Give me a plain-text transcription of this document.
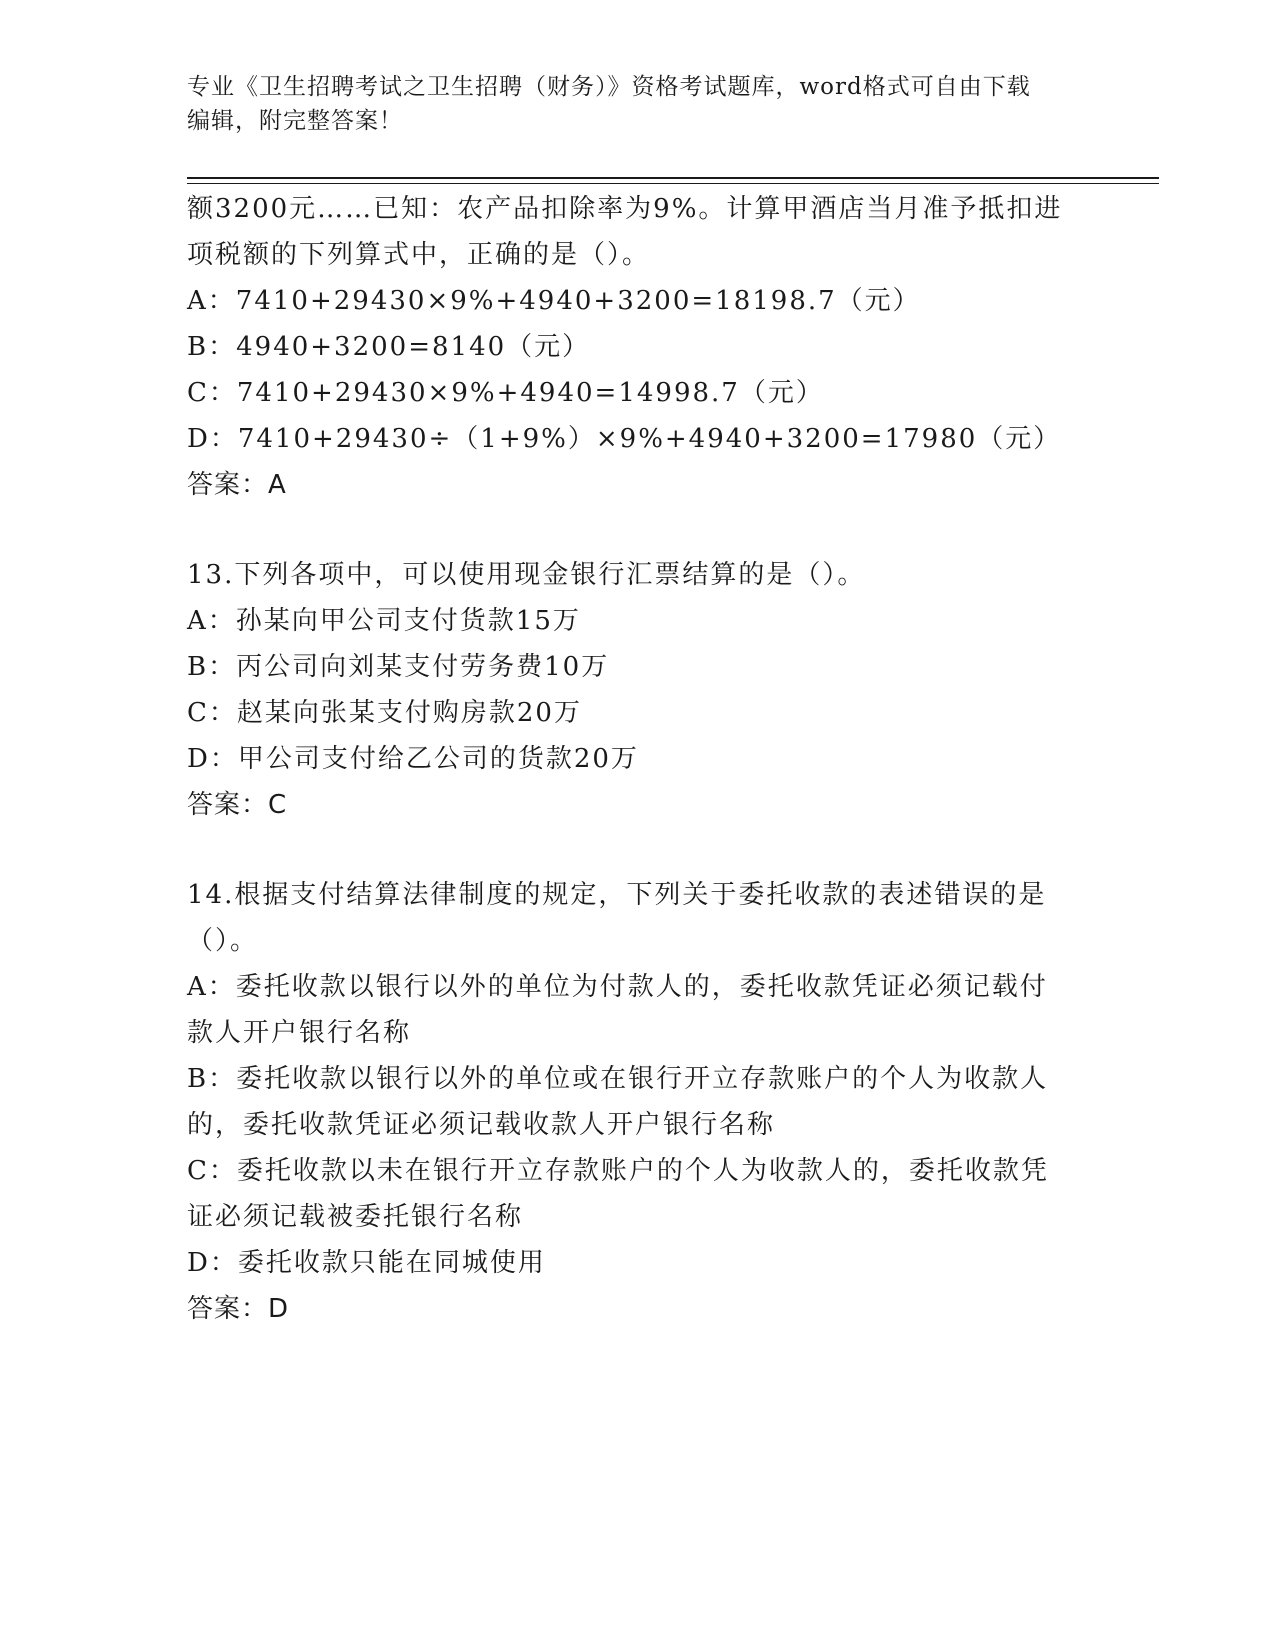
专业《卫生招聘考试之卫生招聘（财务）》资格考试题库，word格式可自由下载
编辑，附完整答案！
额3200元……已知：农产品扣除率为9%。计算甲酒店当月准予抵扣进
项税额的下列算式中，正确的是（）。
A：7410+29430×9%+4940+3200=18198.7（元）
B：4940+3200=8140（元）
C：7410+29430×9%+4940=14998.7（元）
D：7410+29430÷（1+9%）×9%+4940+3200=17980（元）
答案：A
13.下列各项中，可以使用现金银行汇票结算的是（）。
A：孙某向甲公司支付货款15万
B：丙公司向刘某支付劳务费10万
C：赵某向张某支付购房款20万
D：甲公司支付给乙公司的货款20万
答案：C
14.根据支付结算法律制度的规定，下列关于委托收款的表述错误的是
（）。
A：委托收款以银行以外的单位为付款人的，委托收款凭证必须记载付
款人开户银行名称
B：委托收款以银行以外的单位或在银行开立存款账户的个人为收款人
的，委托收款凭证必须记载收款人开户银行名称
C：委托收款以未在银行开立存款账户的个人为收款人的，委托收款凭
证必须记载被委托银行名称
D：委托收款只能在同城使用
答案：D
